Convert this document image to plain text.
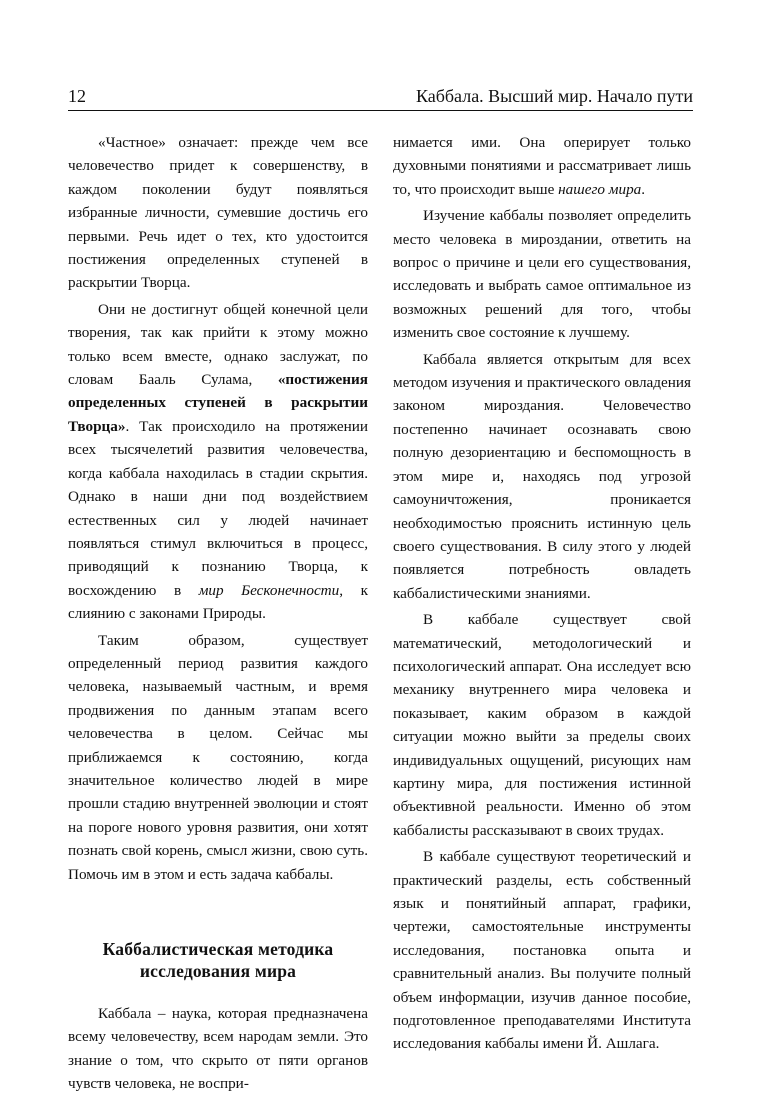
12	Каббала. Высший мир. Начало пути

«Частное» означает: прежде чем все человечество придет к совершенству, в каждом поколении будут появляться избранные личности, сумевшие достичь его первыми. Речь идет о тех, кто удостоится постижения определенных ступеней в раскрытии Творца.

Они не достигнут общей конечной цели творения, так как прийти к этому можно только всем вместе, однако заслужат, по словам Бааль Сулама, «постижения определенных ступеней в раскрытии Творца». Так происходило на протяжении всех тысячелетий развития человечества, когда каббала находилась в стадии скрытия. Однако в наши дни под воздействием естественных сил у людей начинает появляться стимул включиться в процесс, приводящий к познанию Творца, к восхождению в мир Бесконечности, к слиянию с законами Природы.

Таким образом, существует определенный период развития каждого человека, называемый частным, и время продвижения по данным этапам всего человечества в целом. Сейчас мы приближаемся к состоянию, когда значительное количество людей в мире прошли стадию внутренней эволюции и стоят на пороге нового уровня развития, они хотят познать свой корень, смысл жизни, свою суть. Помочь им в этом и есть задача каббалы.

Каббалистическая методика
исследования мира

Каббала – наука, которая предназначена всему человечеству, всем народам земли. Это знание о том, что скрыто от пяти органов чувств человека, не воспри-

нимается ими. Она оперирует только духовными понятиями и рассматривает лишь то, что происходит выше нашего мира.

Изучение каббалы позволяет определить место человека в мироздании, ответить на вопрос о причине и цели его существования, исследовать и выбрать самое оптимальное из возможных решений для того, чтобы изменить свое состояние к лучшему.

Каббала является открытым для всех методом изучения и практического овладения законом мироздания. Человечество постепенно начинает осознавать свою полную дезориентацию и беспомощность в этом мире и, находясь под угрозой самоуничтожения, проникается необходимостью прояснить истинную цель своего существования. В силу этого у людей появляется потребность овладеть каббалистическими знаниями.

В каббале существует свой математический, методологический и психологический аппарат. Она исследует всю механику внутреннего мира человека и показывает, каким образом в каждой ситуации можно выйти за пределы своих индивидуальных ощущений, рисующих нам картину мира, для постижения истинной объективной реальности. Именно об этом каббалисты рассказывают в своих трудах.

В каббале существуют теоретический и практический разделы, есть собственный язык и понятийный аппарат, графики, чертежи, самостоятельные инструменты исследования, постановка опыта и сравнительный анализ. Вы получите полный объем информации, изучив данное пособие, подготовленное преподавателями Института исследования каббалы имени Й. Ашлага.
